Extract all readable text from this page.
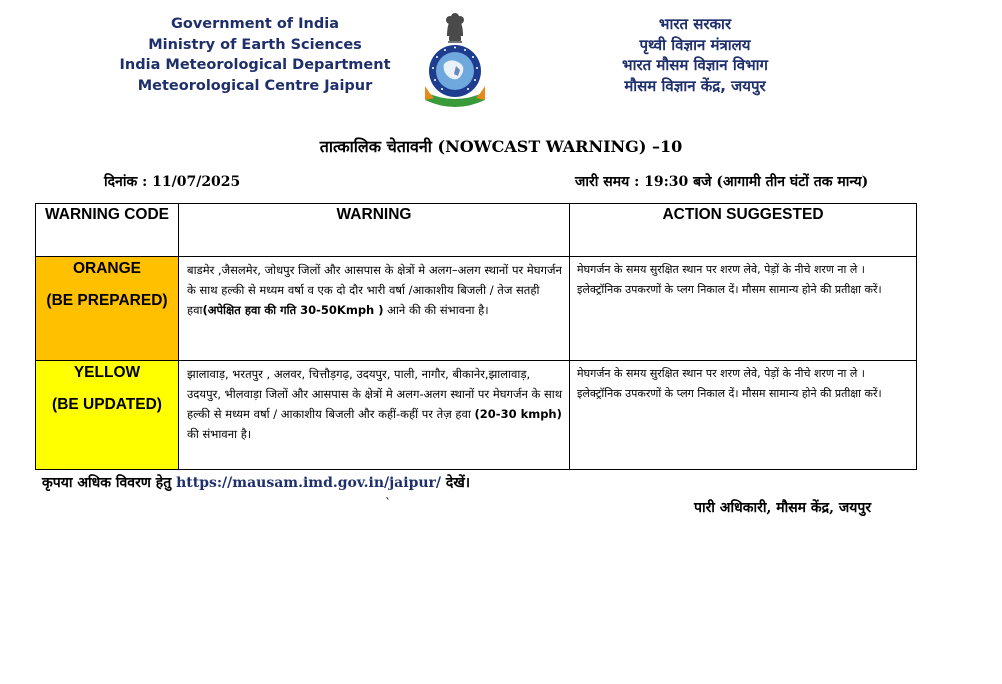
Government of India
Ministry of Earth Sciences
India Meteorological Department
Meteorological Centre Jaipur
भारत सरकार
पृथ्वी विज्ञान मंत्रालय
भारत मौसम विज्ञान विभाग
मौसम विज्ञान केंद्र, जयपुर
तात्कालिक चेतावनी (NOWCAST WARNING) –10
दिनांक : 11/07/2025	जारी समय : 19:30 बजे (आगामी तीन घंटों तक मान्य)
WARNING CODE	WARNING	ACTION SUGGESTED

ORANGE
(BE PREPARED)	बाडमेर ,जैसलमेर, जोधपुर जिलों और आसपास के क्षेत्रों मे अलग–अलग स्थानों पर मेघगर्जन के साथ हल्की से मध्यम वर्षा व एक दो दौर भारी वर्षा /आकाशीय बिजली / तेज सतही हवा(अपेक्षित हवा की गति 30-50Kmph ) आने की की संभावना है।	मेघगर्जन के समय सुरक्षित स्थान पर शरण लेवे, पेड़ों के नीचे शरण ना ले । इलेक्ट्रॉनिक उपकरणों के प्लग निकाल दें। मौसम सामान्य होने की प्रतीक्षा करें।

YELLOW
(BE UPDATED)	झालावाड़, भरतपुर , अलवर, चित्तौड़गढ़, उदयपुर, पाली, नागौर, बीकानेर,झालावाड़, उदयपुर, भीलवाड़ा जिलों और आसपास के क्षेत्रों मे अलग-अलग स्थानों पर मेघगर्जन के साथ हल्की से मध्यम वर्षा / आकाशीय बिजली और कहीं-कहीं पर तेज़ हवा (20-30 kmph) की संभावना है।	मेघगर्जन के समय सुरक्षित स्थान पर शरण लेवे, पेड़ों के नीचे शरण ना ले । इलेक्ट्रॉनिक उपकरणों के प्लग निकाल दें। मौसम सामान्य होने की प्रतीक्षा करें।
कृपया अधिक विवरण हेतु https://mausam.imd.gov.in/jaipur/ देखें।
`	पारी अधिकारी, मौसम केंद्र, जयपुर
